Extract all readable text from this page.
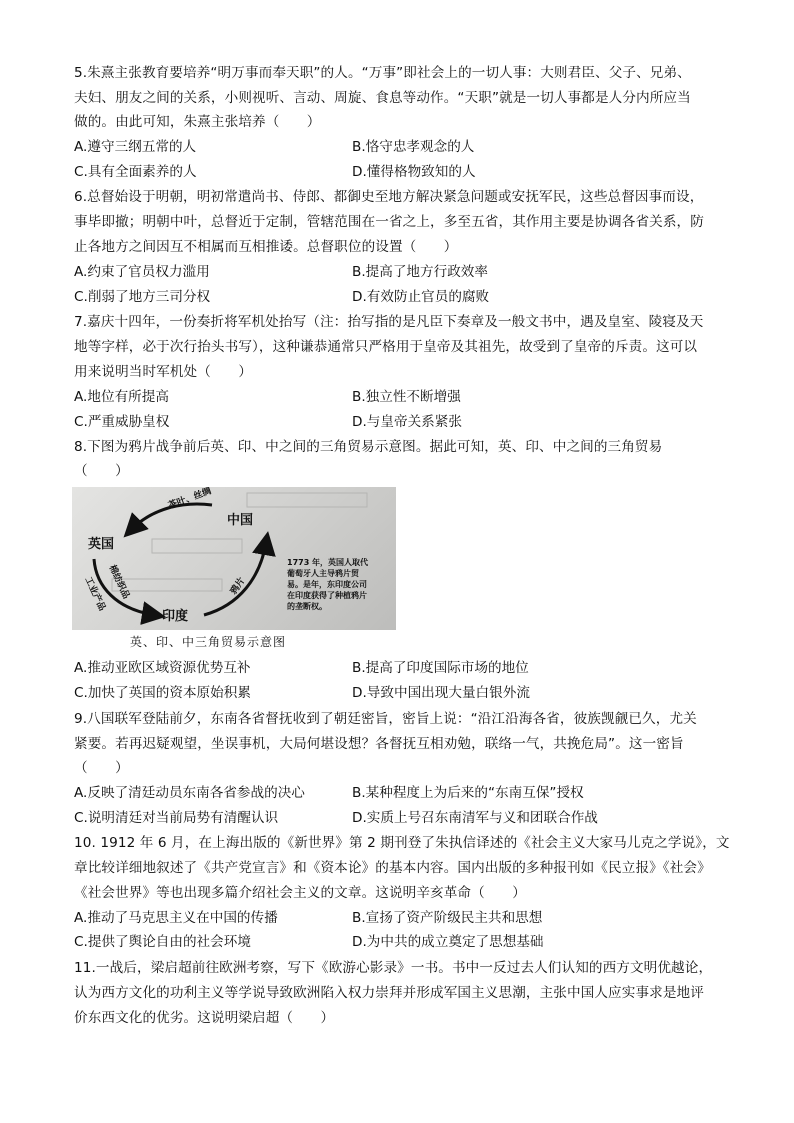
5.朱熹主张教育要培养“明万事而奉天职”的人。“万事”即社会上的一切人事：大则君臣、父子、兄弟、
夫妇、朋友之间的关系，小则视听、言动、周旋、食息等动作。“天职”就是一切人事都是人分内所应当
做的。由此可知，朱熹主张培养（　　）
A.遵守三纲五常的人	B.恪守忠孝观念的人
C.具有全面素养的人	D.懂得格物致知的人
6.总督始设于明朝，明初常遣尚书、侍郎、都御史至地方解决紧急问题或安抚军民，这些总督因事而设，
事毕即撤；明朝中叶，总督近于定制，管辖范围在一省之上，多至五省，其作用主要是协调各省关系，防
止各地方之间因互不相属而互相推诿。总督职位的设置（　　）
A.约束了官员权力滥用	B.提高了地方行政效率
C.削弱了地方三司分权	D.有效防止官员的腐败
7.嘉庆十四年，一份奏折将军机处抬写（注：抬写指的是凡臣下奏章及一般文书中，遇及皇室、陵寝及天
地等字样，必于次行抬头书写），这种谦恭通常只严格用于皇帝及其祖先，故受到了皇帝的斥责。这可以
用来说明当时军机处（　　）
A.地位有所提高	B.独立性不断增强
C.严重威胁皇权	D.与皇帝关系紧张
8.下图为鸦片战争前后英、印、中之间的三角贸易示意图。据此可知，英、印、中之间的三角贸易
（　　）
中国
英国
印度
茶叶、丝绸
棉纺织品
工业产品	鸦片
1773 年，英国人取代
葡萄牙人主导鸦片贸
易。是年，东印度公司
在印度获得了种植鸦片
的垄断权。
英、印、中三角贸易示意图
A.推动亚欧区域资源优势互补	B.提高了印度国际市场的地位
C.加快了英国的资本原始积累	D.导致中国出现大量白银外流
9.八国联军登陆前夕，东南各省督抚收到了朝廷密旨，密旨上说：“沿江沿海各省，彼族觊觎已久，尤关
紧要。若再迟疑观望，坐误事机，大局何堪设想？各督抚互相劝勉，联络一气，共挽危局”。这一密旨
（　　）
A.反映了清廷动员东南各省参战的决心	B.某种程度上为后来的“东南互保”授权
C.说明清廷对当前局势有清醒认识	D.实质上号召东南清军与义和团联合作战
10. 1912 年 6 月，在上海出版的《新世界》第 2 期刊登了朱执信译述的《社会主义大家马儿克之学说》，文
章比较详细地叙述了《共产党宣言》和《资本论》的基本内容。国内出版的多种报刊如《民立报》《社会》
《社会世界》等也出现多篇介绍社会主义的文章。这说明辛亥革命（　　）
A.推动了马克思主义在中国的传播	B.宣扬了资产阶级民主共和思想
C.提供了舆论自由的社会环境	D.为中共的成立奠定了思想基础
11.一战后，梁启超前往欧洲考察，写下《欧游心影录》一书。书中一反过去人们认知的西方文明优越论，
认为西方文化的功利主义等学说导致欧洲陷入权力崇拜并形成军国主义思潮，主张中国人应实事求是地评
价东西文化的优劣。这说明梁启超（　　）
